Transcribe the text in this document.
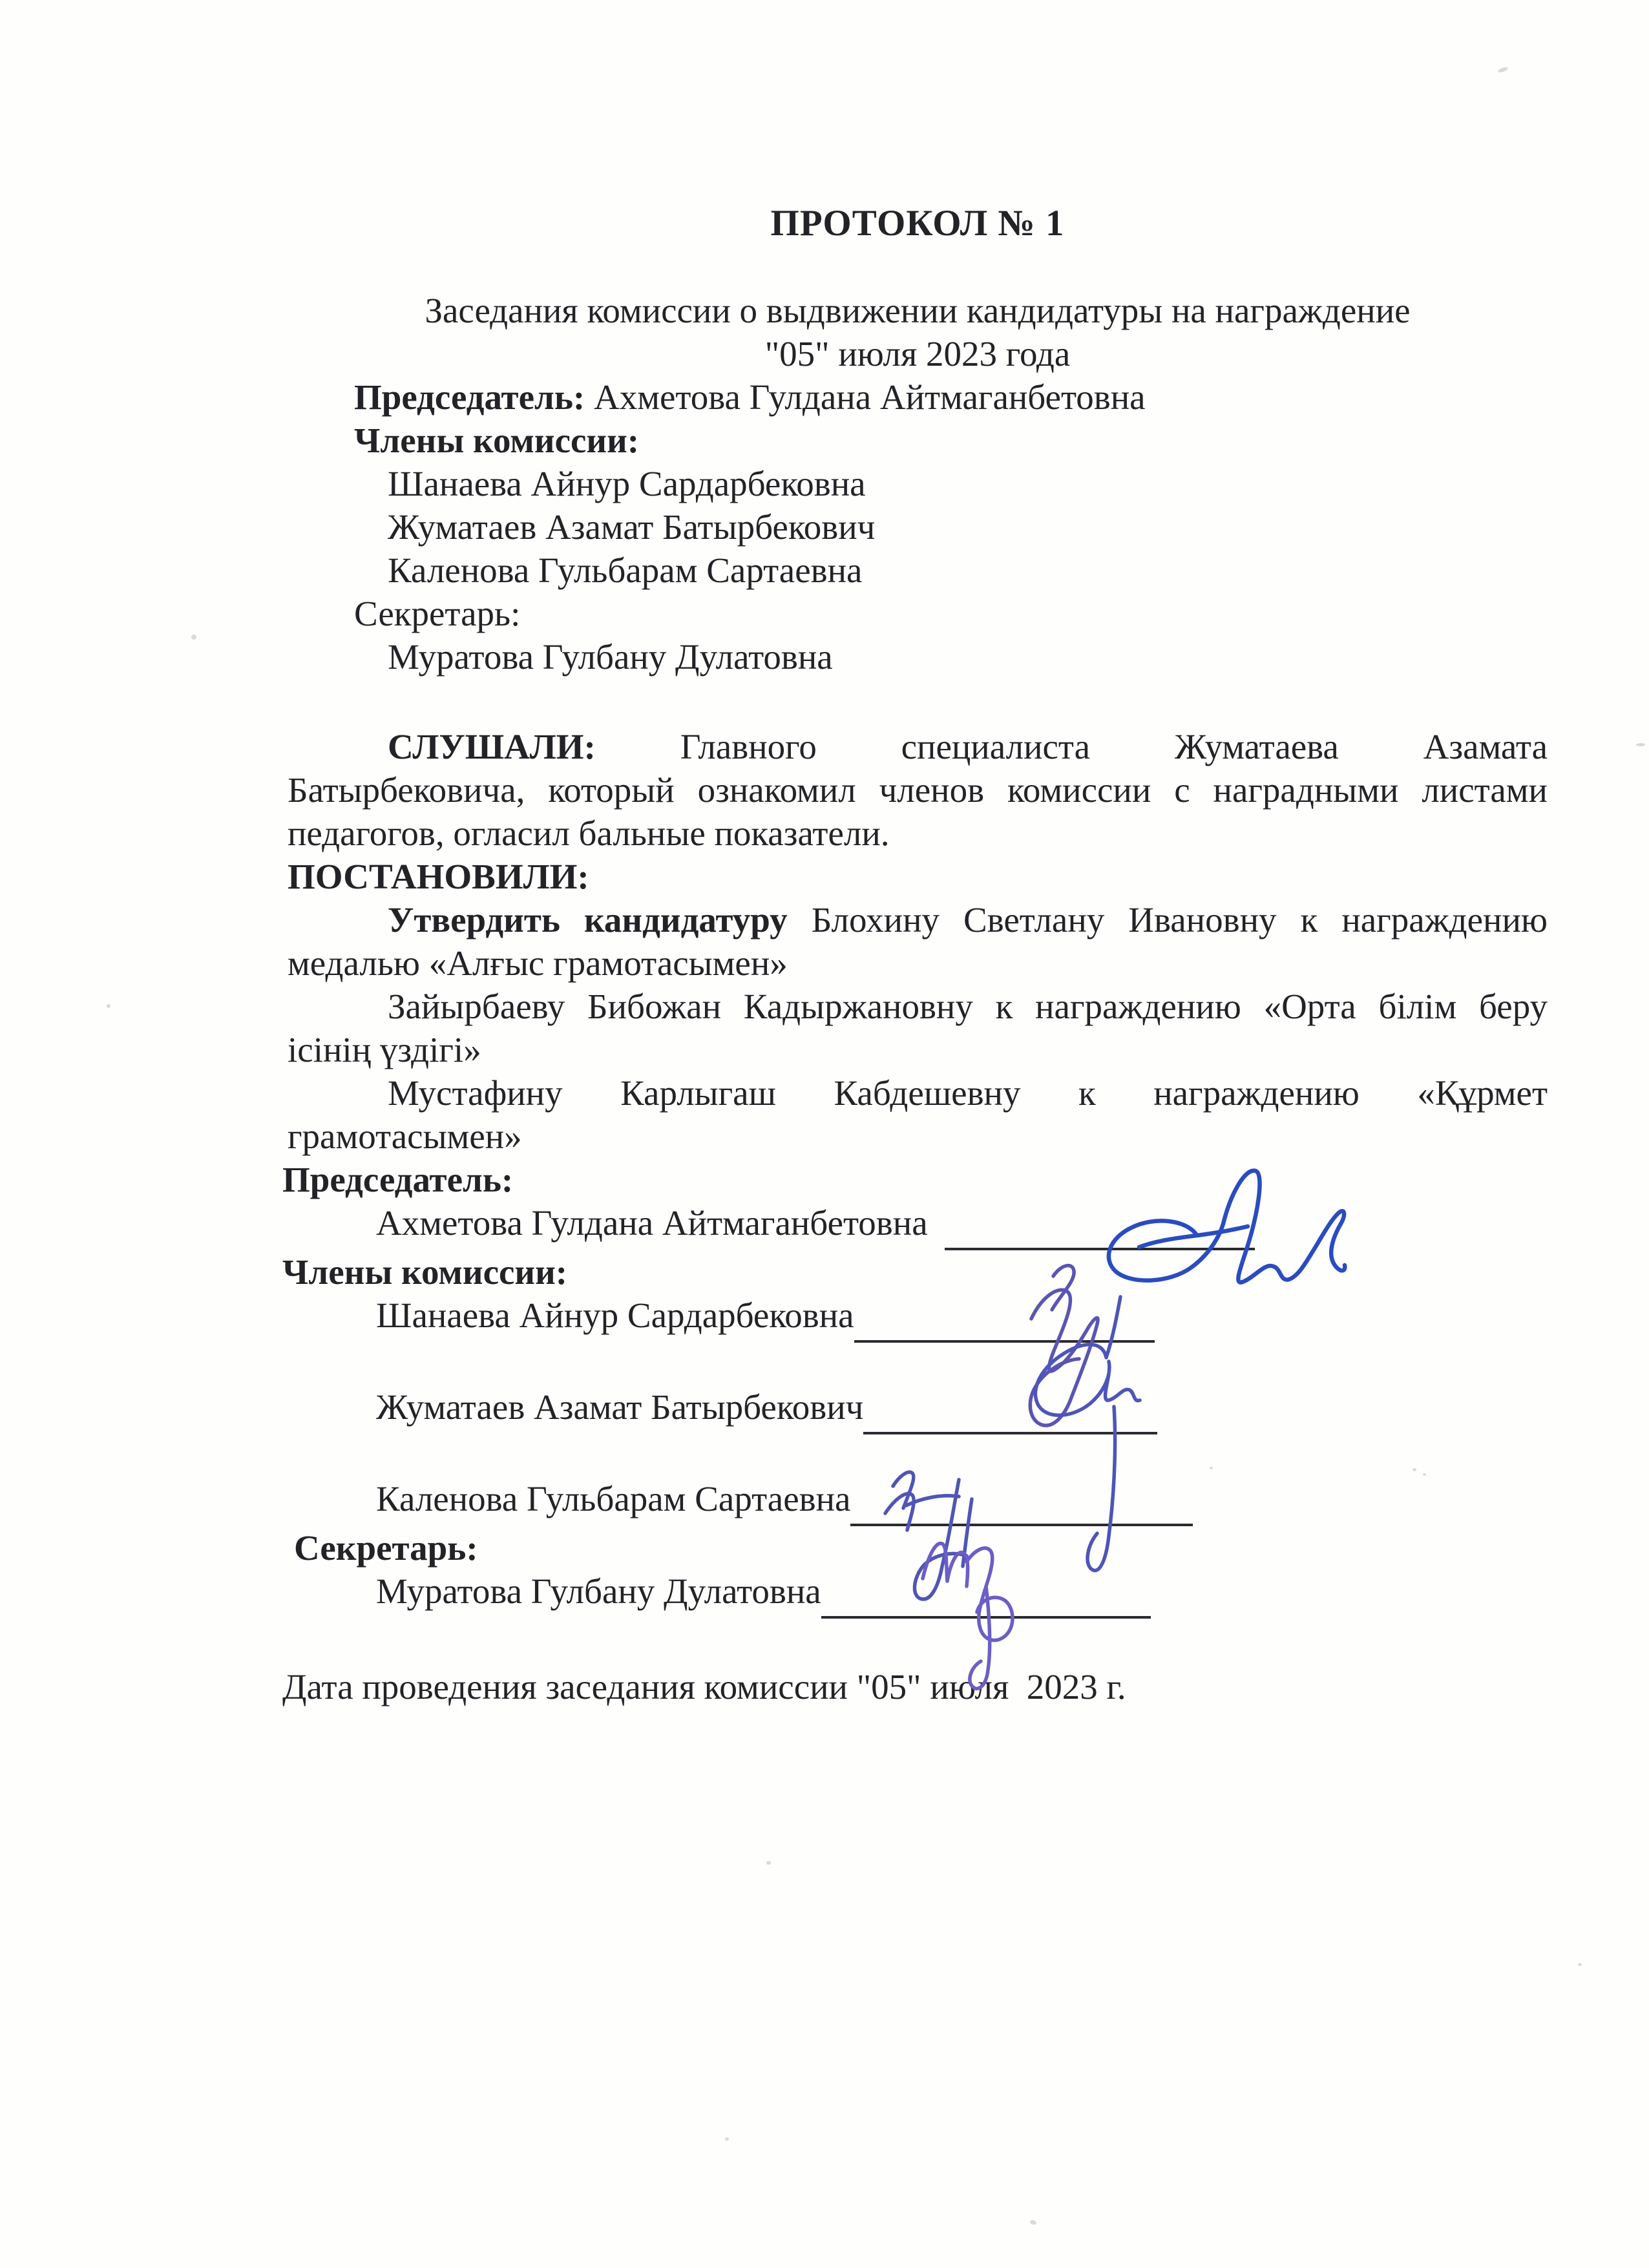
ПРОТОКОЛ № 1
Заседания комиссии о выдвижении кандидатуры на награждение
"05" июля 2023 года
Председатель: Ахметова Гулдана Айтмаганбетовна
Члены комиссии:
Шанаева Айнур Сардарбековна
Жуматаев Азамат Батырбекович
Каленова Гульбарам Сартаевна
Секретарь:
Муратова Гулбану Дулатовна
СЛУШАЛИ: Главного специалиста Жуматаева Азамата
Батырбековича, который ознакомил членов комиссии с наградными листами
педагогов, огласил бальные показатели.
ПОСТАНОВИЛИ:
Утвердить кандидатуру Блохину Светлану Ивановну к награждению
медалью «Алғыс грамотасымен»
Зайырбаеву Бибожан Кадыржановну к награждению «Орта білім беру
ісінің үздігі»
Мустафину Карлыгаш Кабдешевну к награждению «Құрмет
грамотасымен»
Председатель:
Ахметова Гулдана Айтмаганбетовна
Члены комиссии:
Шанаева Айнур Сардарбековна
Жуматаев Азамат Батырбекович
Каленова Гульбарам Сартаевна
Секретарь:
Муратова Гулбану Дулатовна
Дата проведения заседания комиссии "05" июля  2023 г.
